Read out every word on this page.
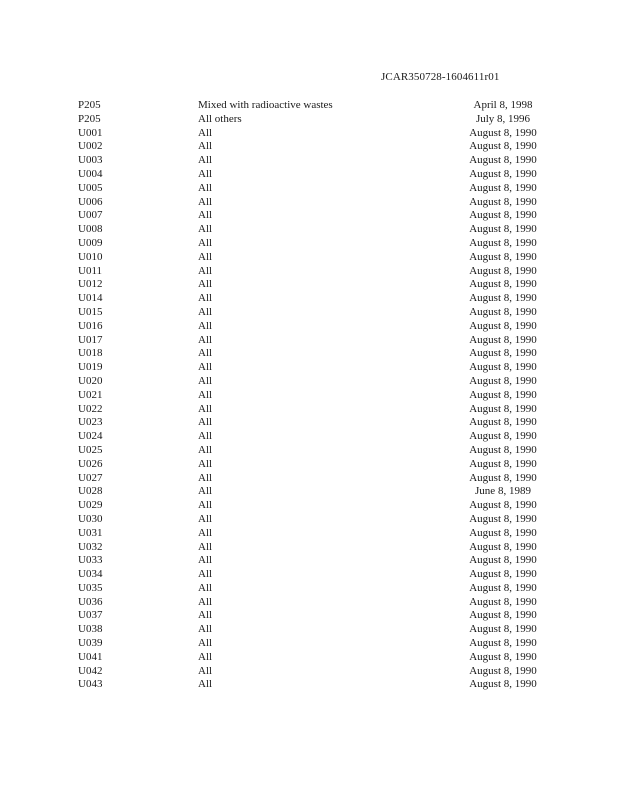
JCAR350728-1604611r01
P205	Mixed with radioactive wastes	April 8, 1998
P205	All others	July 8, 1996
U001	All	August 8, 1990
U002	All	August 8, 1990
U003	All	August 8, 1990
U004	All	August 8, 1990
U005	All	August 8, 1990
U006	All	August 8, 1990
U007	All	August 8, 1990
U008	All	August 8, 1990
U009	All	August 8, 1990
U010	All	August 8, 1990
U011	All	August 8, 1990
U012	All	August 8, 1990
U014	All	August 8, 1990
U015	All	August 8, 1990
U016	All	August 8, 1990
U017	All	August 8, 1990
U018	All	August 8, 1990
U019	All	August 8, 1990
U020	All	August 8, 1990
U021	All	August 8, 1990
U022	All	August 8, 1990
U023	All	August 8, 1990
U024	All	August 8, 1990
U025	All	August 8, 1990
U026	All	August 8, 1990
U027	All	August 8, 1990
U028	All	June 8, 1989
U029	All	August 8, 1990
U030	All	August 8, 1990
U031	All	August 8, 1990
U032	All	August 8, 1990
U033	All	August 8, 1990
U034	All	August 8, 1990
U035	All	August 8, 1990
U036	All	August 8, 1990
U037	All	August 8, 1990
U038	All	August 8, 1990
U039	All	August 8, 1990
U041	All	August 8, 1990
U042	All	August 8, 1990
U043	All	August 8, 1990
